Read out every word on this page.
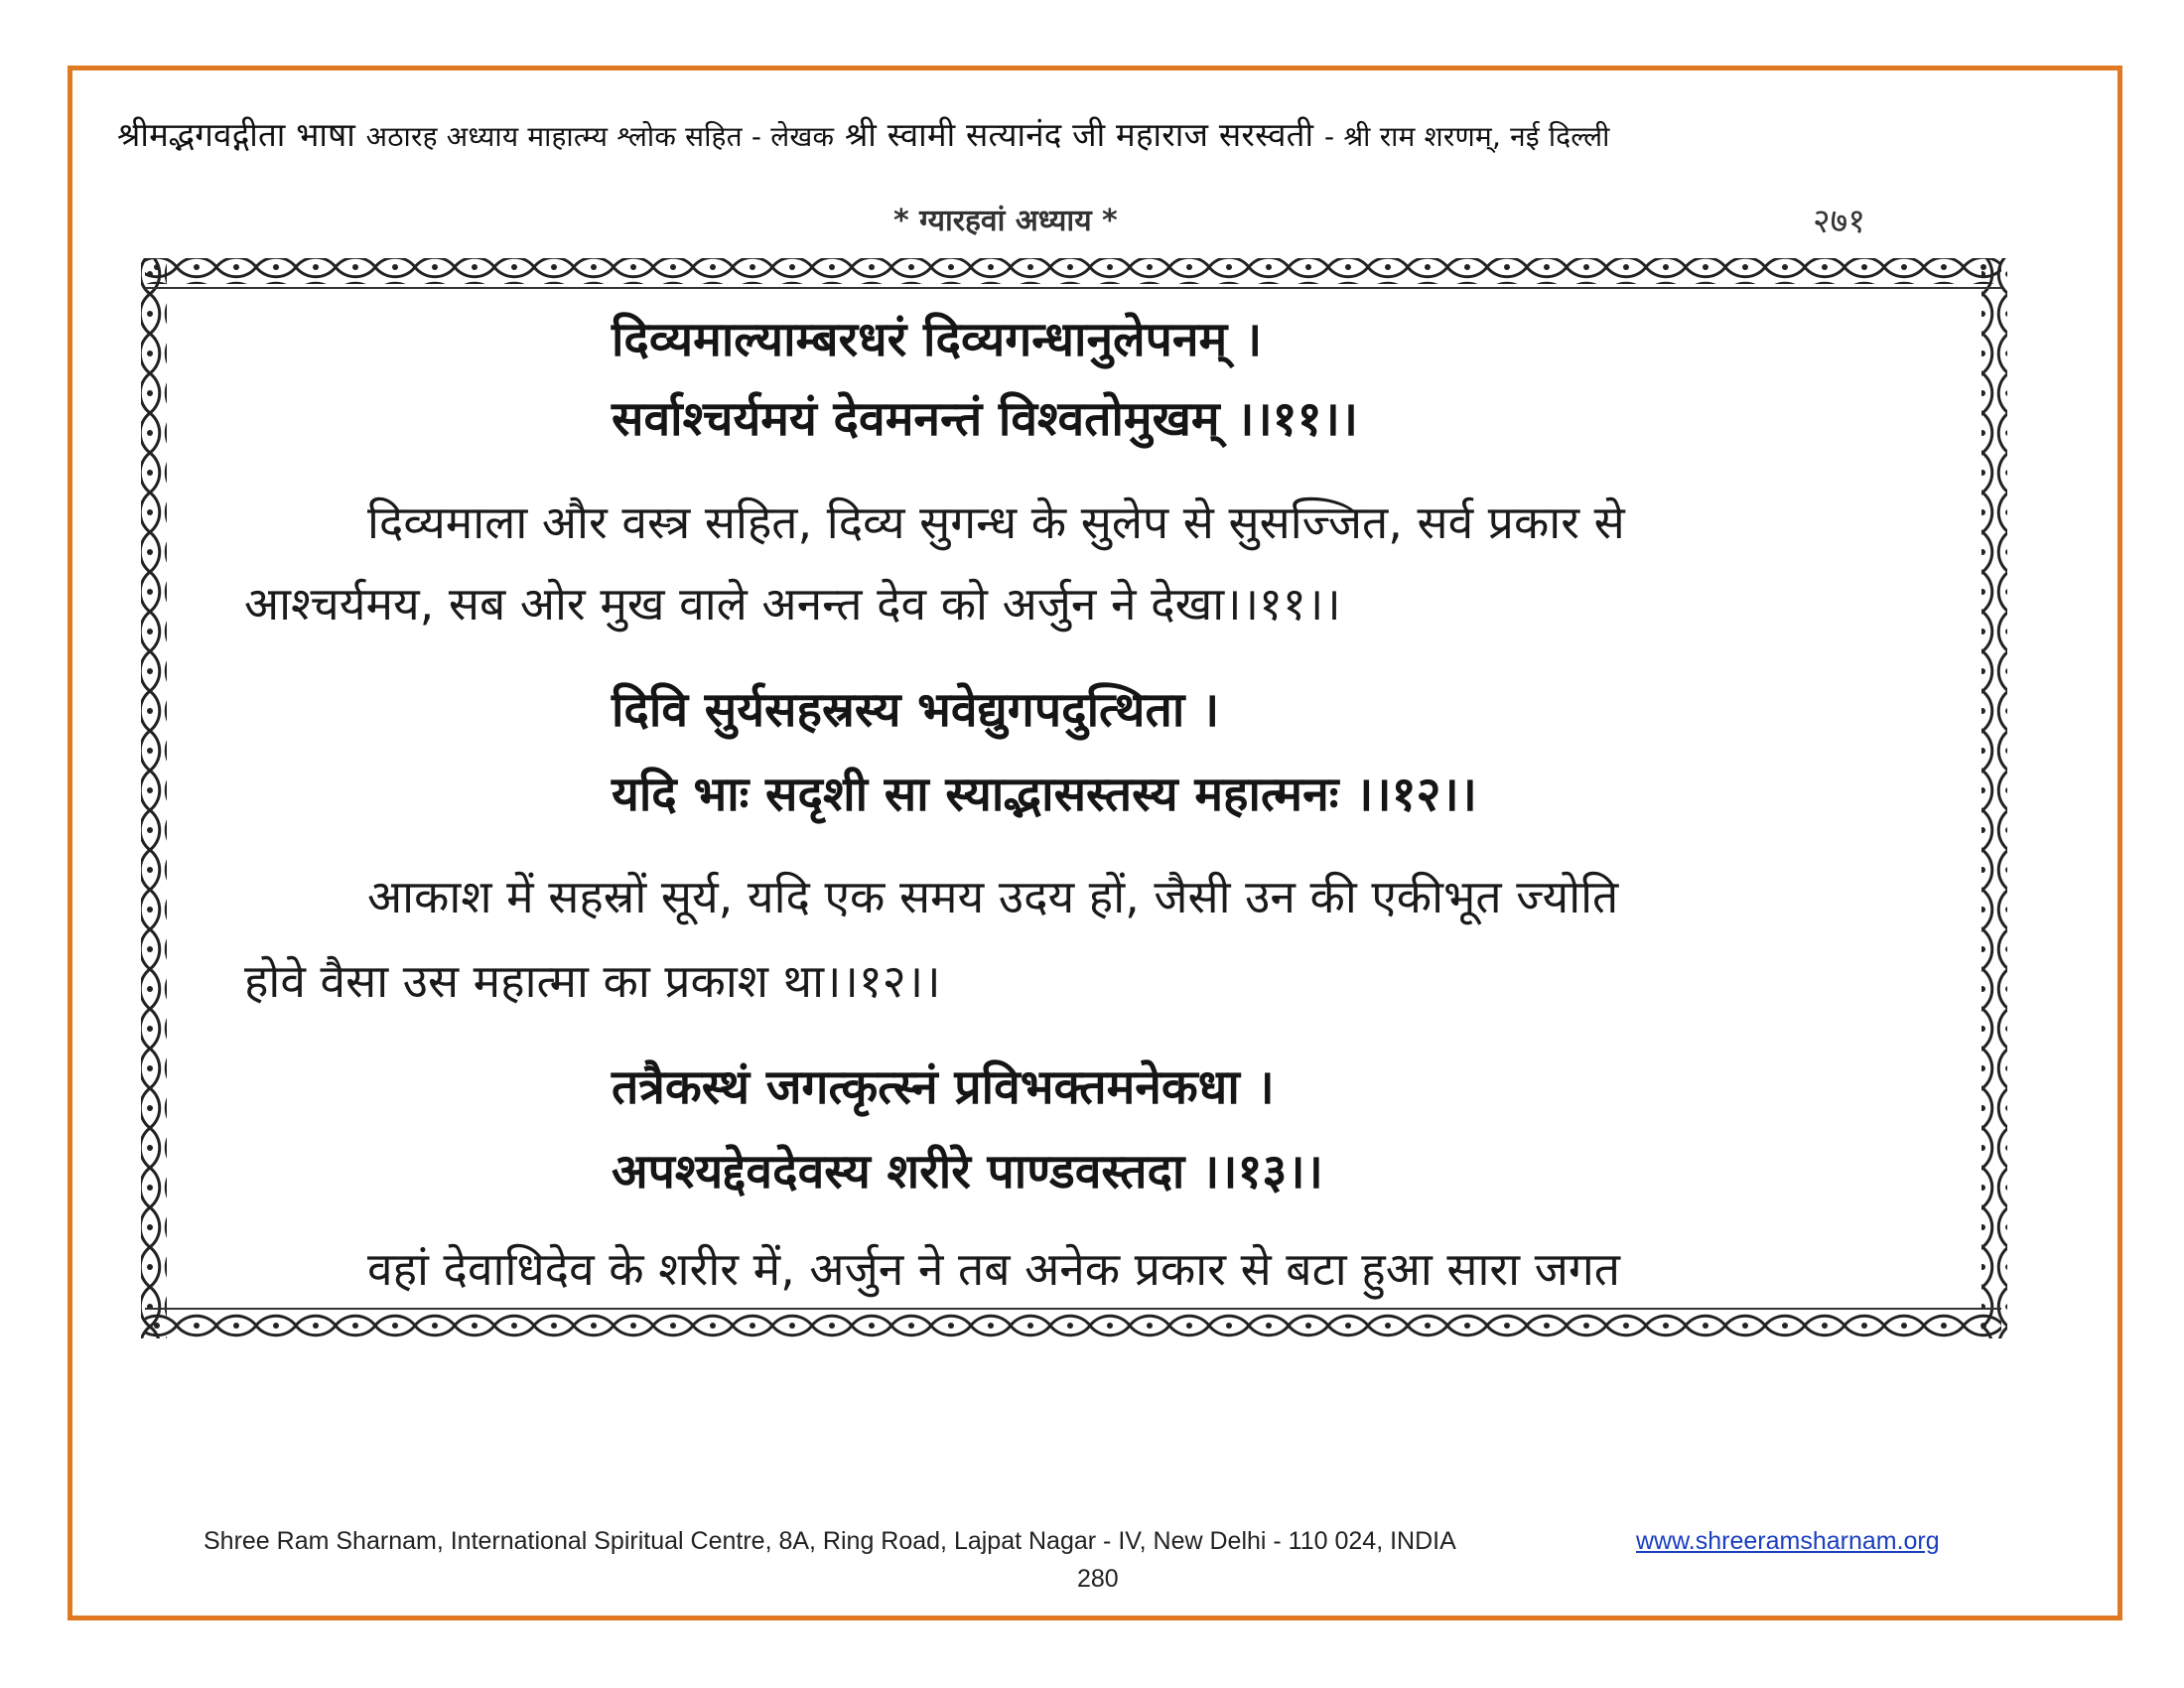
श्रीमद्भगवद्गीता भाषा अठारह अध्याय माहात्म्य श्लोक सहित - लेखक श्री स्वामी सत्यानंद जी महाराज सरस्वती - श्री राम शरणम्, नई दिल्ली
* ग्यारहवां अध्याय *	२७१
दिव्यमाल्याम्बरधरं दिव्यगन्धानुलेपनम् ।
सर्वाश्चर्यमयं देवमनन्तं विश्वतोमुखम् ।।११।।
दिव्यमाला और वस्त्र सहित, दिव्य सुगन्ध के सुलेप से सुसज्जित, सर्व प्रकार से
आश्चर्यमय, सब ओर मुख वाले अनन्त देव को अर्जुन ने देखा।।११।।
दिवि सुर्यसहस्रस्य भवेद्युगपदुत्थिता ।
यदि भाः सदृशी सा स्याद्भासस्तस्य महात्मनः ।।१२।।
आकाश में सहस्रों सूर्य, यदि एक समय उदय हों, जैसी उन की एकीभूत ज्योति
होवे वैसा उस महात्मा का प्रकाश था।।१२।।
तत्रैकस्थं जगत्कृत्स्नं प्रविभक्तमनेकधा ।
अपश्यद्देवदेवस्य शरीरे पाण्डवस्तदा ।।१३।।
वहां देवाधिदेव के शरीर में, अर्जुन ने तब अनेक प्रकार से बटा हुआ सारा जगत
Shree Ram Sharnam, International Spiritual Centre, 8A, Ring Road, Lajpat Nagar - IV, New Delhi - 110 024, INDIA	www.shreeramsharnam.org
280
